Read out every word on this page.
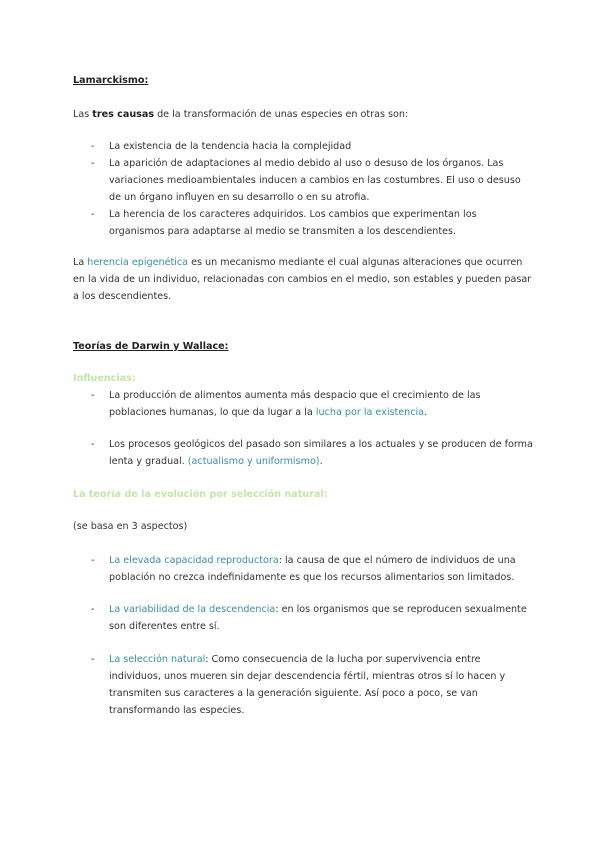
Lamarckismo:

Las tres causas de la transformación de unas especies en otras son:

- La existencia de la tendencia hacia la complejidad
- La aparición de adaptaciones al medio debido al uso o desuso de los órganos. Las variaciones medioambientales inducen a cambios en las costumbres. El uso o desuso de un órgano influyen en su desarrollo o en su atrofia.
- La herencia de los caracteres adquiridos. Los cambios que experimentan los organismos para adaptarse al medio se transmiten a los descendientes.

La herencia epigenética es un mecanismo mediante el cual algunas alteraciones que ocurren en la vida de un individuo, relacionadas con cambios en el medio, son estables y pueden pasar a los descendientes.

Teorías de Darwin y Wallace:

Influencias:

- La producción de alimentos aumenta más despacio que el crecimiento de las poblaciones humanas, lo que da lugar a la lucha por la existencia.
- Los procesos geológicos del pasado son similares a los actuales y se producen de forma lenta y gradual. (actualismo y uniformismo).

La teoría de la evolución por selección natural:

(se basa en 3 aspectos)

- La elevada capacidad reproductora: la causa de que el número de individuos de una población no crezca indefinidamente es que los recursos alimentarios son limitados.
- La variabilidad de la descendencia: en los organismos que se reproducen sexualmente son diferentes entre sí.
- La selección natural: Como consecuencia de la lucha por supervivencia entre individuos, unos mueren sin dejar descendencia fértil, mientras otros sí lo hacen y transmiten sus caracteres a la generación siguiente. Así poco a poco, se van transformando las especies.
